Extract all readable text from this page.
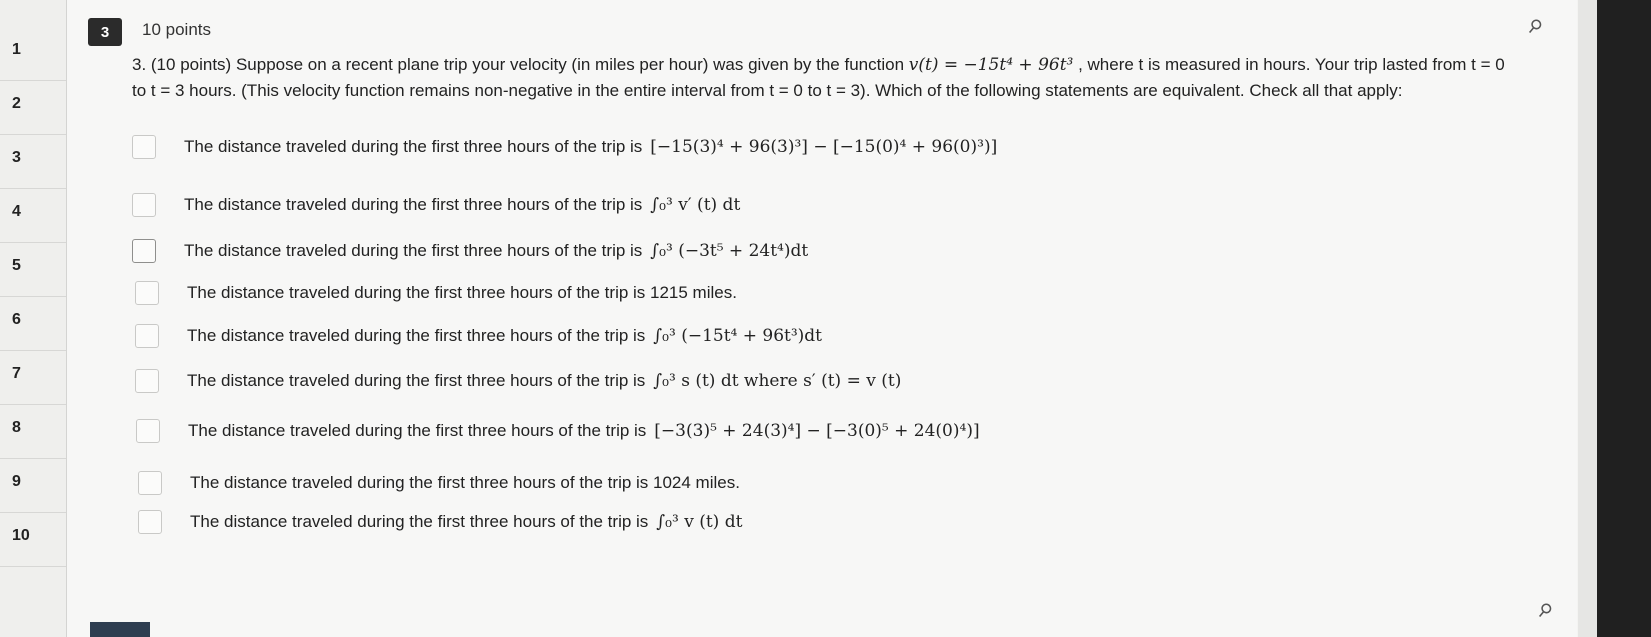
1
2
3
4
5
6
7
8
9
10
3	10 points	⚲
3. (10 points) Suppose on a recent plane trip your velocity (in miles per hour) was given by the function v(t) = −15t⁴ + 96t³ , where t is measured in hours. Your trip lasted from t = 0 to t = 3 hours. (This velocity function remains non-negative in the entire interval from t = 0 to t = 3). Which of the following statements are equivalent. Check all that apply:
The distance traveled during the first three hours of the trip is [−15(3)⁴ + 96(3)³] − [−15(0)⁴ + 96(0)³)]
The distance traveled during the first three hours of the trip is ∫₀³ v′ (t) dt
The distance traveled during the first three hours of the trip is ∫₀³ (−3t⁵ + 24t⁴)dt
The distance traveled during the first three hours of the trip is 1215 miles.
The distance traveled during the first three hours of the trip is ∫₀³ (−15t⁴ + 96t³)dt
The distance traveled during the first three hours of the trip is ∫₀³ s (t) dt where s′ (t) = v (t)
The distance traveled during the first three hours of the trip is [−3(3)⁵ + 24(3)⁴] − [−3(0)⁵ + 24(0)⁴)]
The distance traveled during the first three hours of the trip is 1024 miles.
The distance traveled during the first three hours of the trip is ∫₀³ v (t) dt
⚲
